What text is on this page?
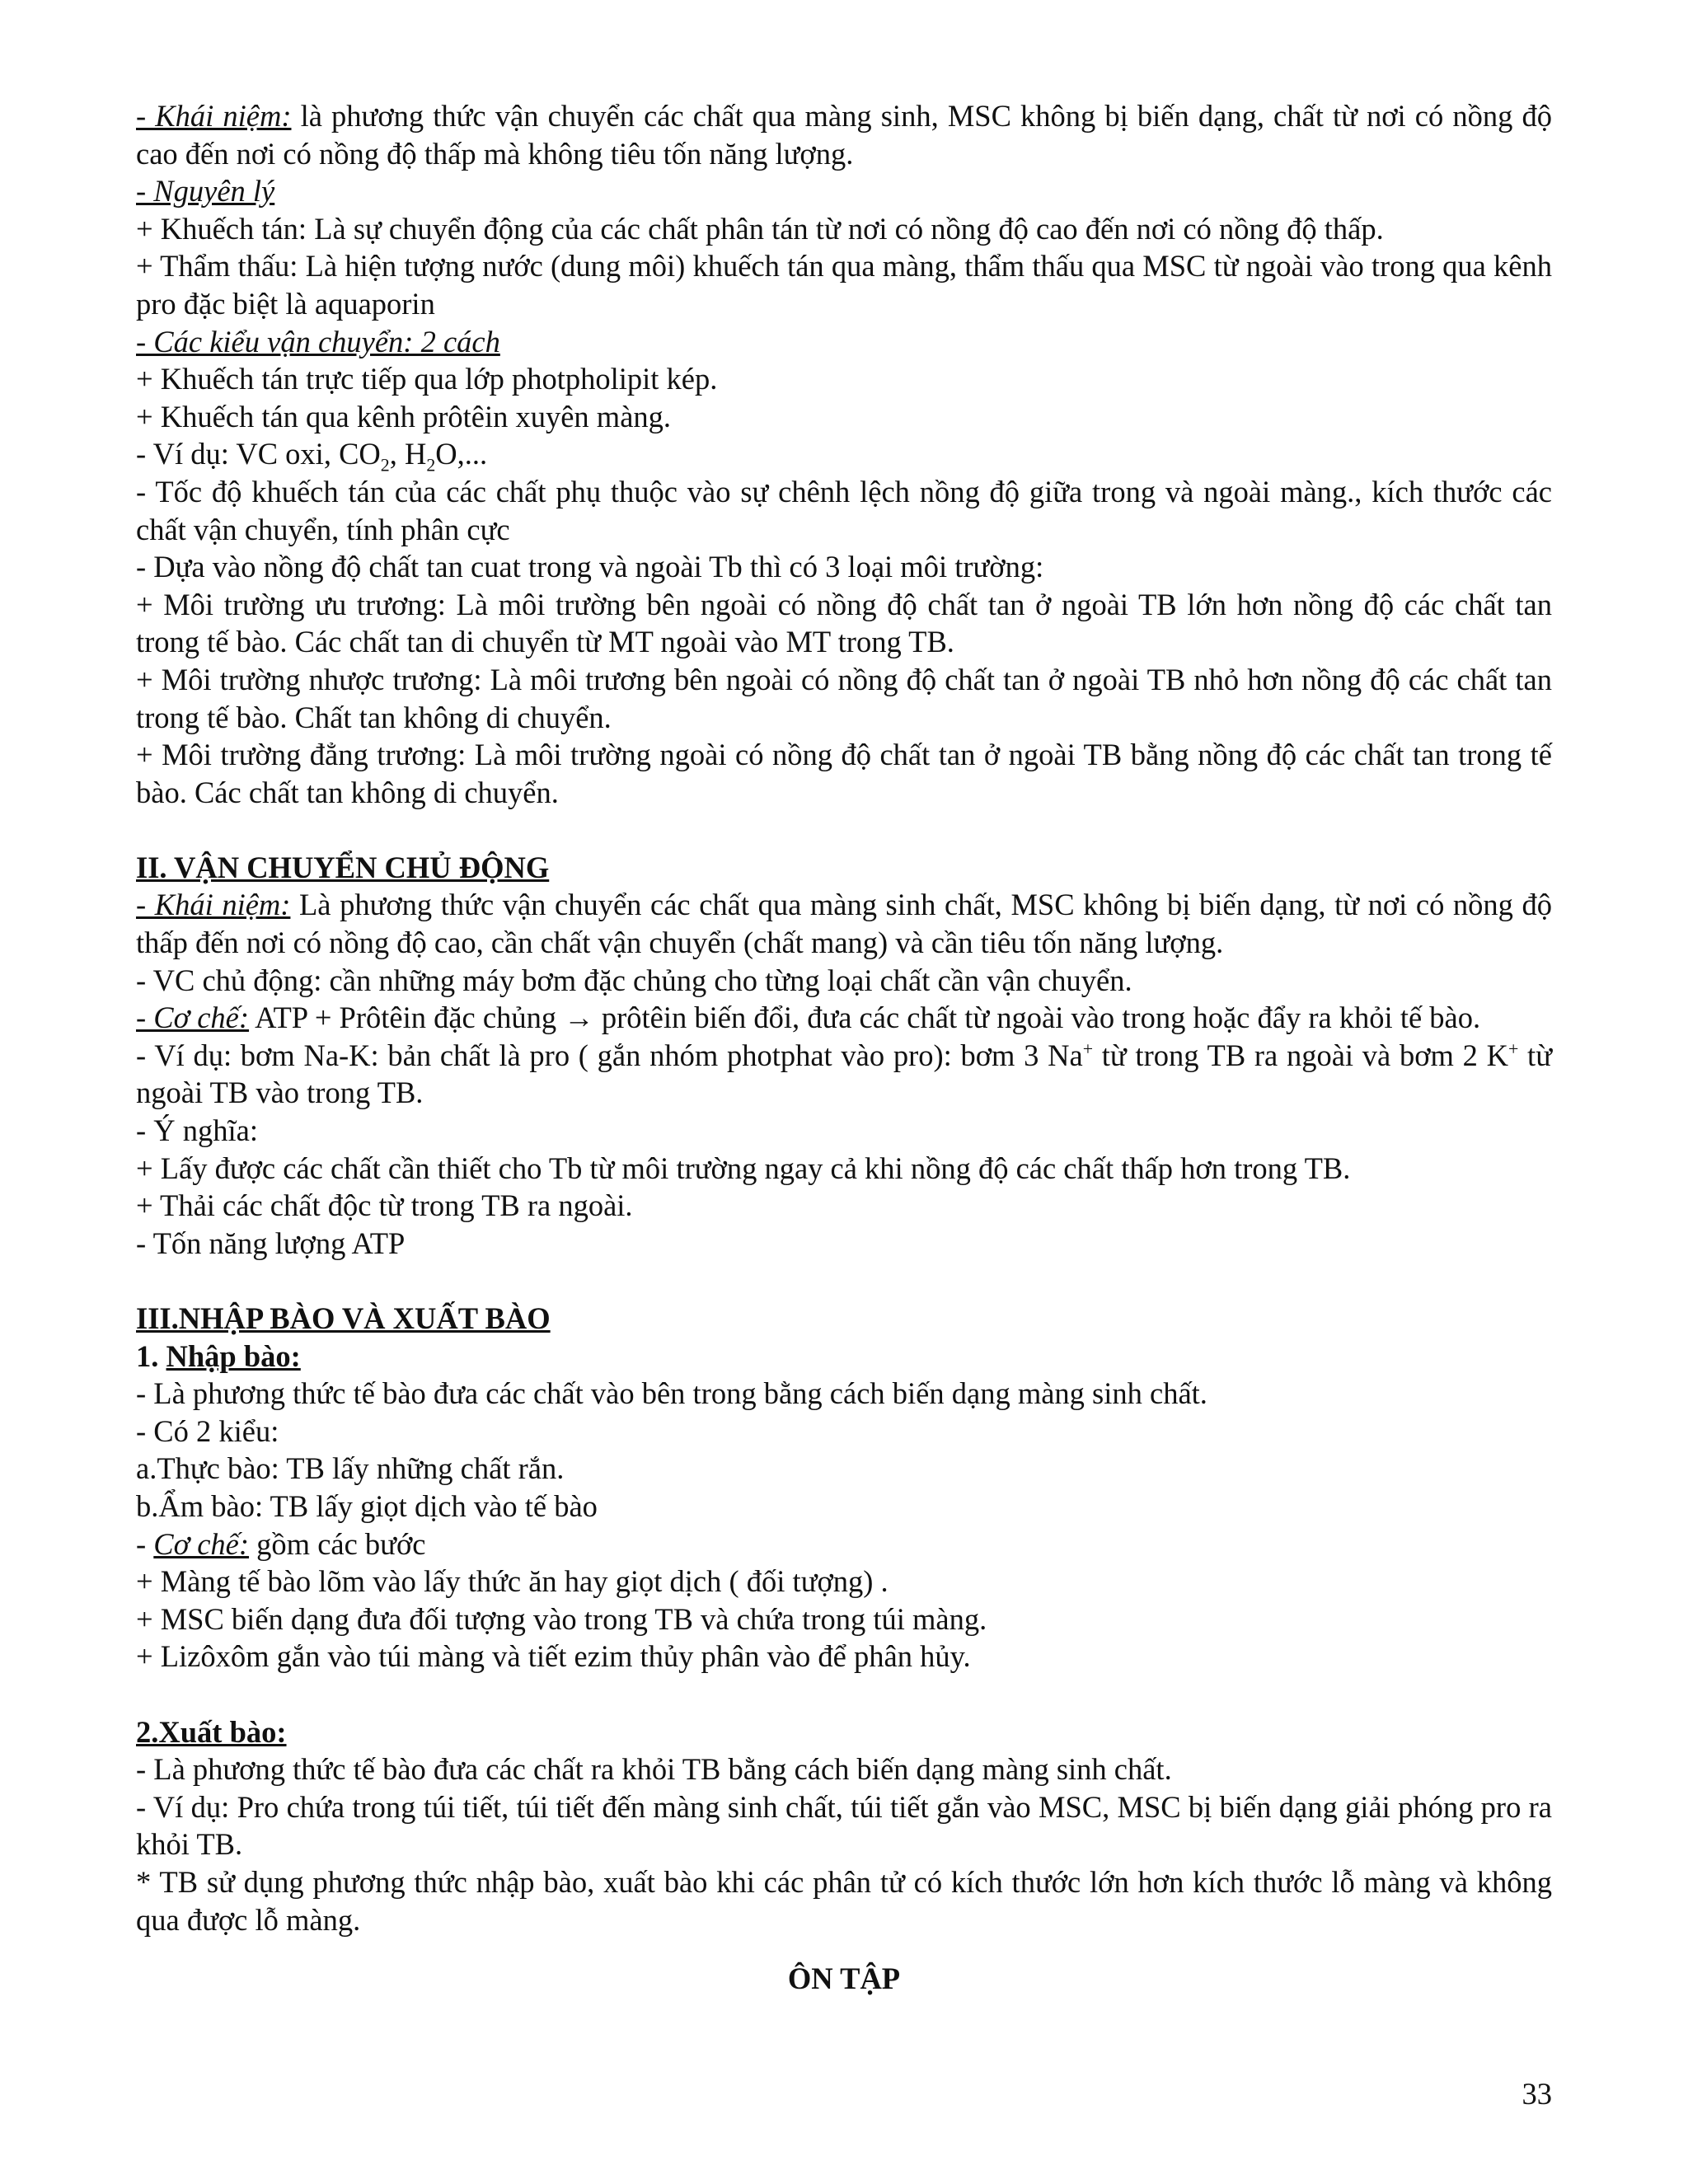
- Khái niệm: là phương thức vận chuyển các chất qua màng sinh, MSC không bị biến dạng, chất từ nơi có nồng độ cao đến nơi có nồng độ thấp mà không tiêu tốn năng lượng.

- Nguyên lý

+ Khuếch tán: Là sự chuyển động của các chất phân tán từ nơi có nồng độ cao đến nơi có nồng độ thấp.

+ Thẩm thấu: Là hiện tượng nước (dung môi) khuếch tán qua màng, thẩm thấu qua MSC từ ngoài vào trong qua kênh pro đặc biệt là aquaporin

- Các kiểu vận chuyển: 2 cách

+ Khuếch tán trực tiếp qua lớp photpholipit kép.

+ Khuếch tán qua kênh prôtêin xuyên màng.

- Ví dụ: VC oxi, $CO_2$, $H_2O$,...

- Tốc độ khuếch tán của các chất phụ thuộc vào sự chênh lệch nồng độ giữa trong và ngoài màng., kích thước các chất vận chuyển, tính phân cực

- Dựa vào nồng độ chất tan cuat trong và ngoài Tb thì có 3 loại môi trường:

+ Môi trường ưu trương: Là môi trường bên ngoài có nồng độ chất tan ở ngoài TB lớn hơn nồng độ các chất tan trong tế bào. Các chất tan di chuyển từ MT ngoài vào MT trong TB.

+ Môi trường nhược trương: Là môi trương bên ngoài có nồng độ chất tan ở ngoài TB nhỏ hơn nồng độ các chất tan trong tế bào. Chất tan không di chuyển.

+ Môi trường đẳng trương: Là môi trường ngoài có nồng độ chất tan ở ngoài TB bằng nồng độ các chất tan trong tế bào. Các chất tan không di chuyển.

II. VẬN CHUYỂN CHỦ ĐỘNG

- Khái niệm: Là phương thức vận chuyển các chất qua màng sinh chất, MSC không bị biến dạng, từ nơi có nồng độ thấp đến nơi có nồng độ cao, cần chất vận chuyển (chất mang) và cần tiêu tốn năng lượng.

- VC chủ động: cần những máy bơm đặc chủng cho từng loại chất cần vận chuyển.

- Cơ chế: ATP + Prôtêin đặc chủng → prôtêin biến đổi, đưa các chất từ ngoài vào trong hoặc đẩy ra khỏi tế bào.

- Ví dụ: bơm Na-K: bản chất là pro ( gắn nhóm photphat vào pro): bơm 3 Na+ từ trong TB ra ngoài và bơm 2 K+ từ ngoài TB vào trong TB.

- Ý nghĩa:

+ Lấy được các chất cần thiết cho Tb từ môi trường ngay cả khi nồng độ các chất thấp hơn trong TB.

+ Thải các chất độc từ trong TB ra ngoài.

- Tốn năng lượng ATP

III.NHẬP BÀO VÀ XUẤT BÀO

1. Nhập bào:

- Là phương thức tế bào đưa các chất vào bên trong bằng cách biến dạng màng sinh chất.

- Có 2 kiểu:

a.Thực bào: TB lấy những chất rắn.

b.Ẩm bào: TB lấy giọt dịch vào tế bào

- Cơ chế: gồm các bước

+ Màng tế bào lõm vào lấy thức ăn hay giọt dịch ( đối tượng) .

+ MSC biến dạng đưa đối tượng vào trong TB và chứa trong túi màng.

+ Lizôxôm gắn vào túi màng và tiết ezim thủy phân vào để phân hủy.

2.Xuất bào:

- Là phương thức tế bào đưa các chất ra khỏi TB bằng cách biến dạng màng sinh chất.

- Ví dụ: Pro chứa trong túi tiết, túi tiết đến màng sinh chất, túi tiết gắn vào MSC, MSC bị biến dạng giải phóng pro ra khỏi TB.

* TB sử dụng phương thức nhập bào, xuất bào khi các phân tử có kích thước lớn hơn kích thước lỗ màng và không qua được lỗ màng.

ÔN TẬP

33
